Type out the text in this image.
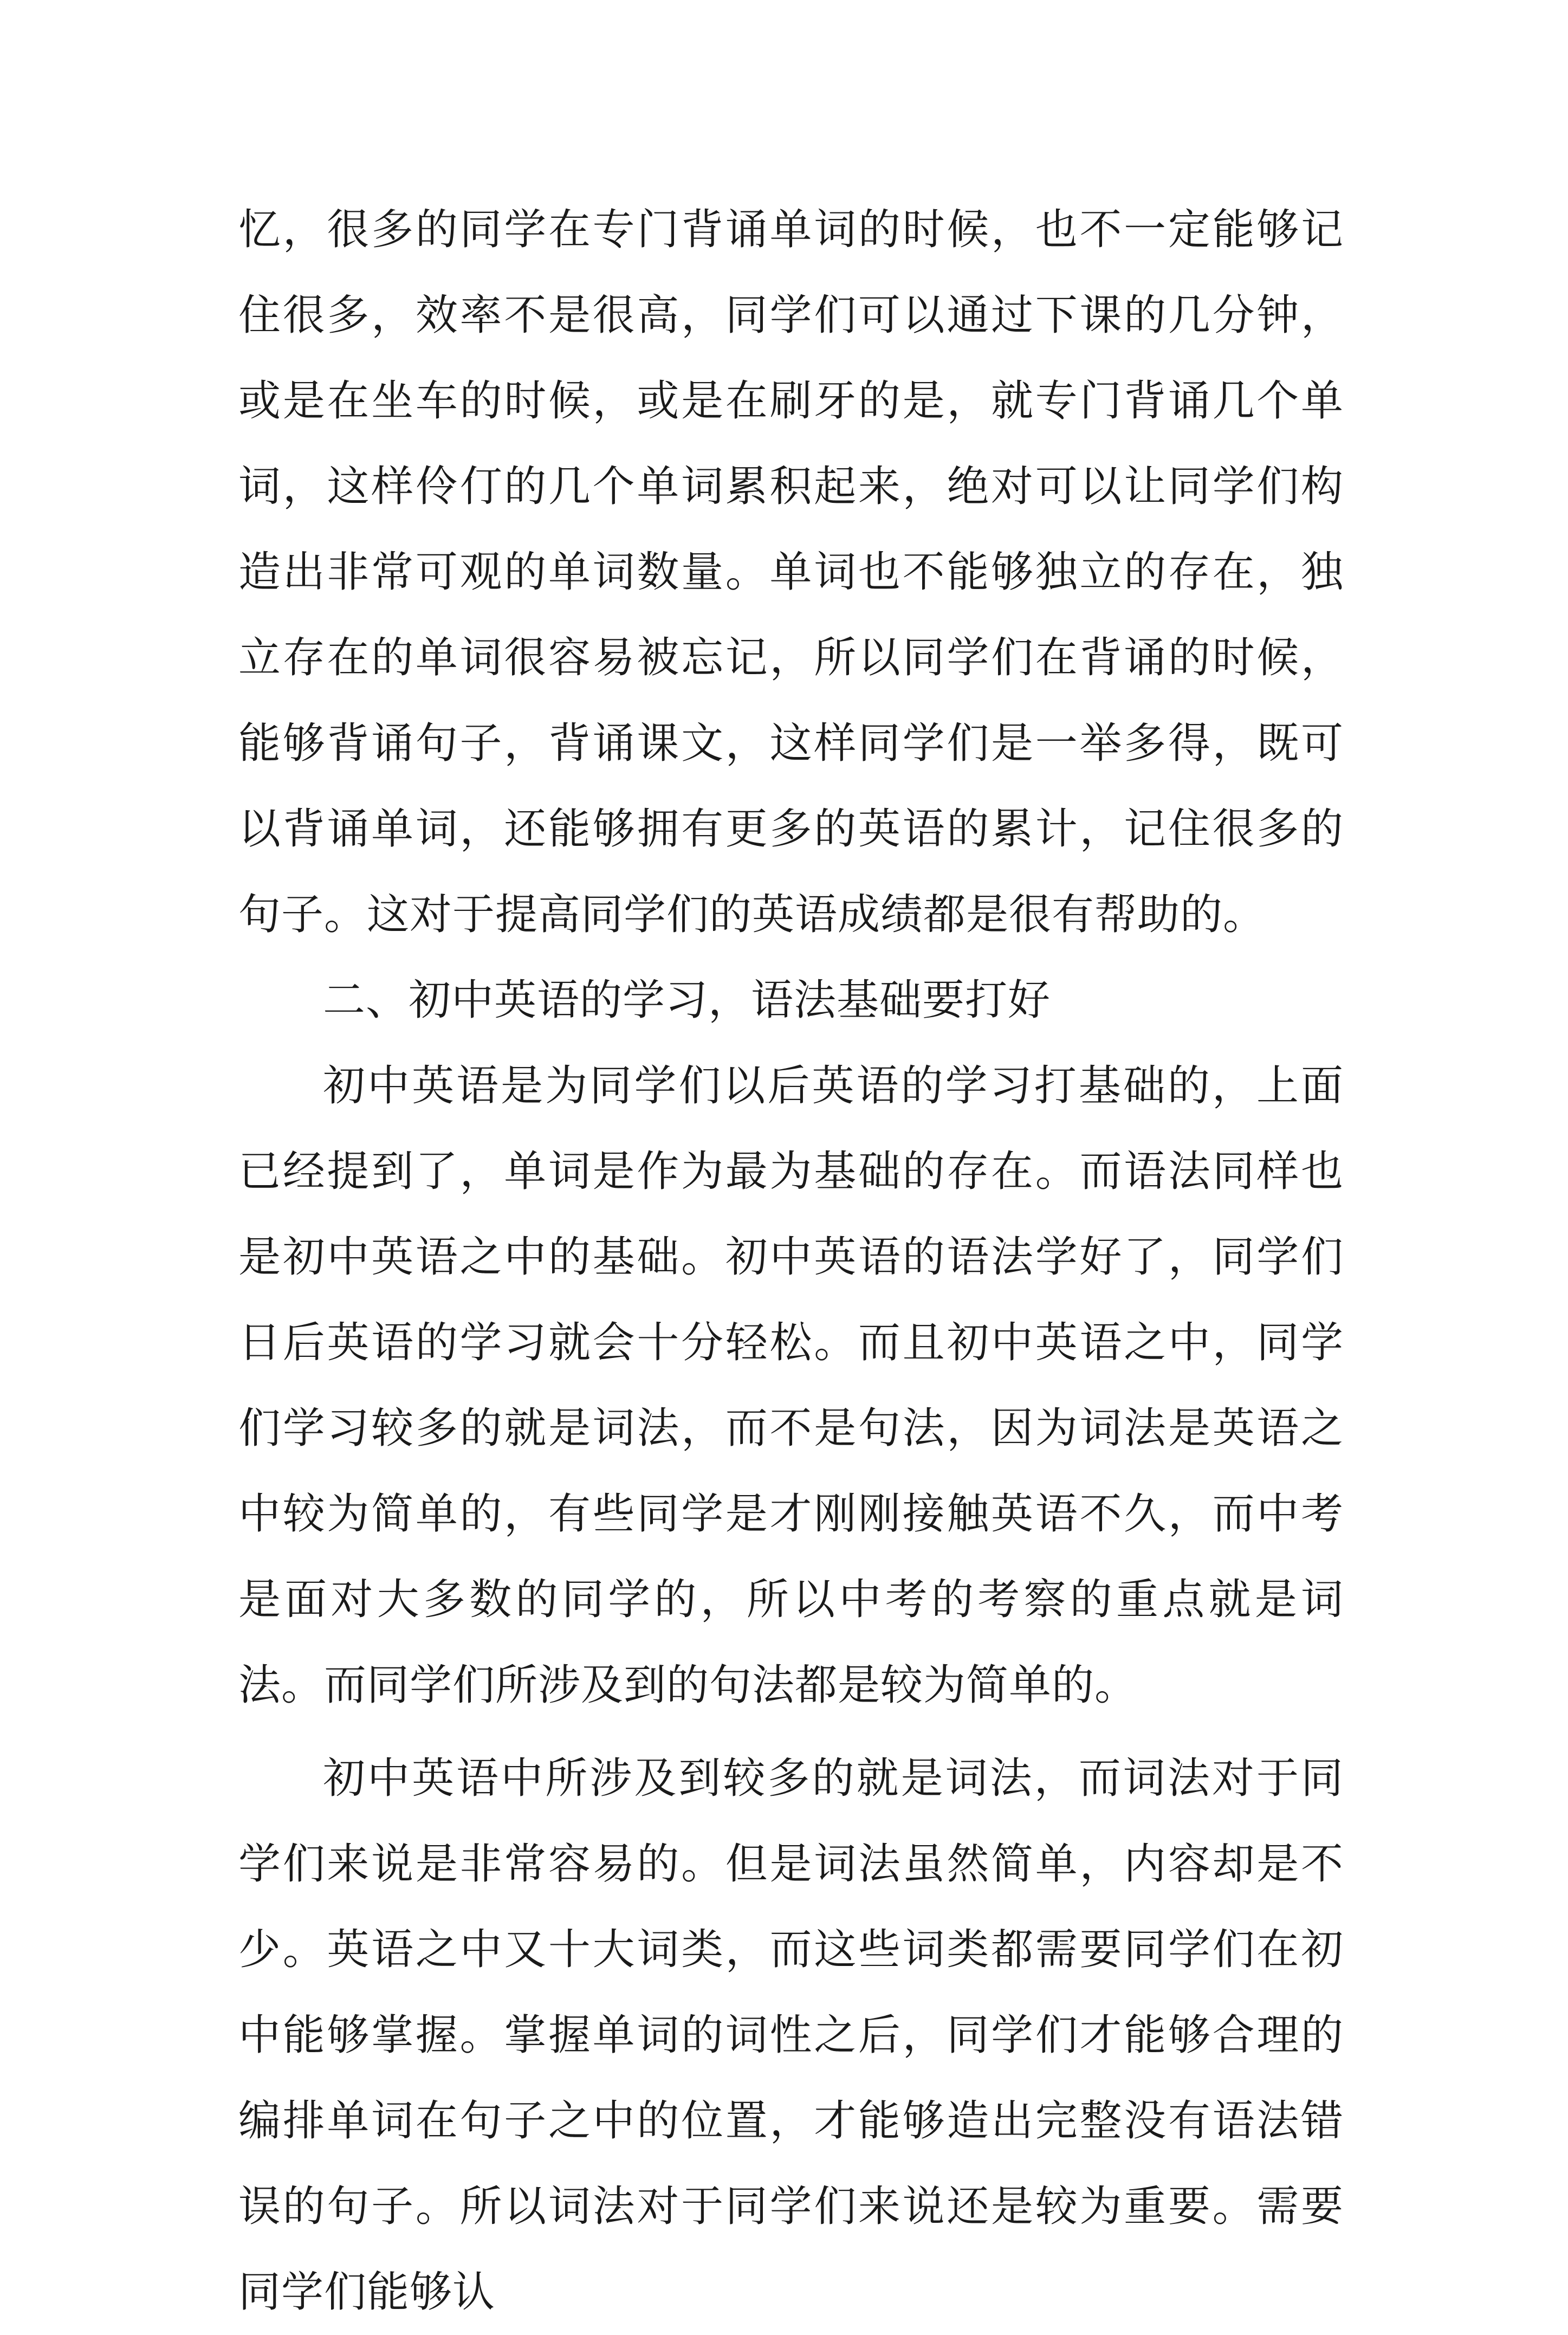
忆，很多的同学在专门背诵单词的时候，也不一定能够记住很多，效率不是很高，同学们可以通过下课的几分钟，或是在坐车的时候，或是在刷牙的是，就专门背诵几个单词，这样伶仃的几个单词累积起来，绝对可以让同学们构造出非常可观的单词数量。单词也不能够独立的存在，独立存在的单词很容易被忘记，所以同学们在背诵的时候，能够背诵句子，背诵课文，这样同学们是一举多得，既可以背诵单词，还能够拥有更多的英语的累计，记住很多的句子。这对于提高同学们的英语成绩都是很有帮助的。

二、初中英语的学习，语法基础要打好

初中英语是为同学们以后英语的学习打基础的，上面已经提到了，单词是作为最为基础的存在。而语法同样也是初中英语之中的基础。初中英语的语法学好了，同学们日后英语的学习就会十分轻松。而且初中英语之中，同学们学习较多的就是词法，而不是句法，因为词法是英语之中较为简单的，有些同学是才刚刚接触英语不久，而中考是面对大多数的同学的，所以中考的考察的重点就是词法。而同学们所涉及到的句法都是较为简单的。

初中英语中所涉及到较多的就是词法，而词法对于同学们来说是非常容易的。但是词法虽然简单，内容却是不少。英语之中又十大词类，而这些词类都需要同学们在初中能够掌握。掌握单词的词性之后，同学们才能够合理的编排单词在句子之中的位置，才能够造出完整没有语法错误的句子。所以词法对于同学们来说还是较为重要。需要同学们能够认
